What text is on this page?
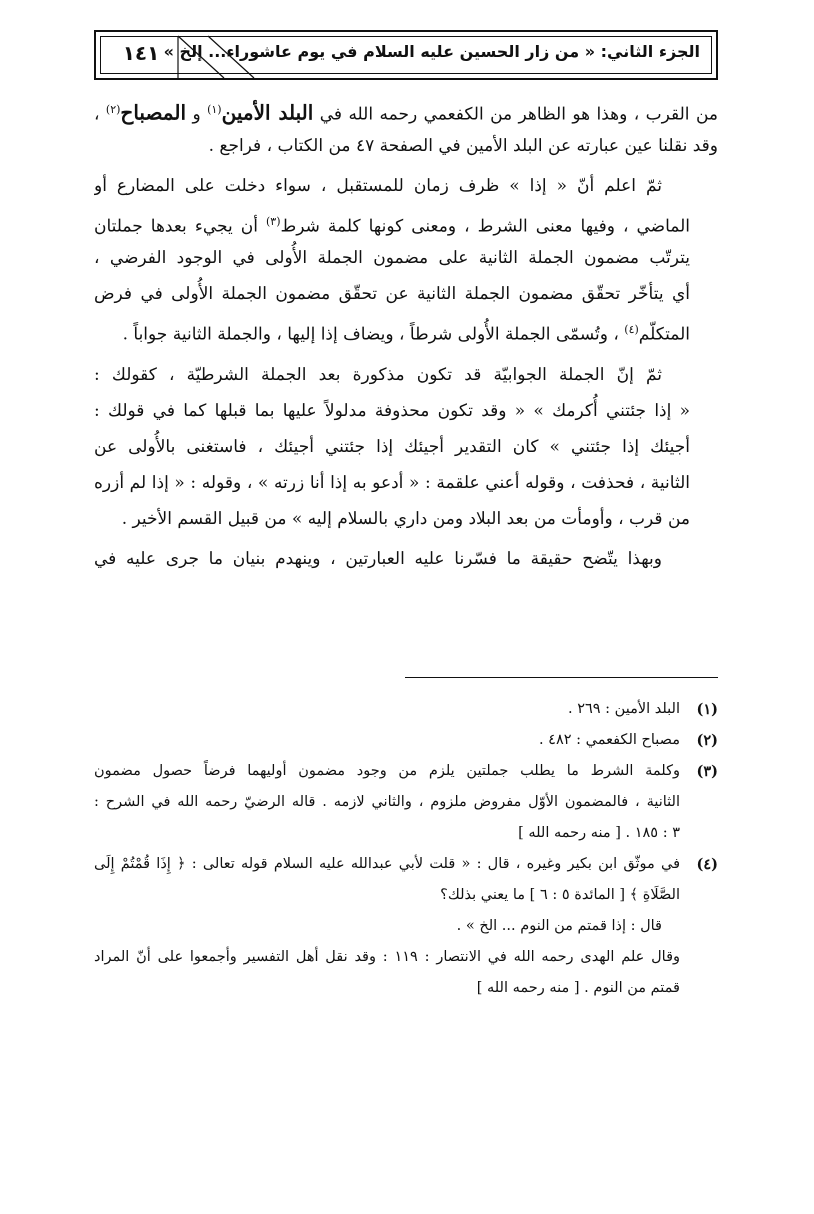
١٤١ الجزء الثاني: « من زار الحسين عليه السلام في يوم عاشوراء... إلخ »
من القرب ، وهذا هو الظاهر من الكفعمي رحمه الله في البلد الأمين$^{(١)}$ و المصباح$^{(٢)}$ ،
وقد نقلنا عين عبارته عن البلد الأمين في الصفحة ٤٧ من الكتاب ، فراجع .
ثمّ اعلم أنّ « إذا » ظرف زمان للمستقبل ، سواء دخلت على المضارع أو
الماضي ، وفيها معنى الشرط ، ومعنى كونها كلمة شرط$^{(٣)}$ أن يجيء بعدها جملتان
يترتّب مضمون الجملة الثانية على مضمون الجملة الأُولى في الوجود الفرضي ،
أي يتأخّر تحقّق مضمون الجملة الثانية عن تحقّق مضمون الجملة الأُولى في فرض
المتكلّم$^{(٤)}$ ، وتُسمّى الجملة الأُولى شرطاً ، ويضاف إذا إليها ، والجملة الثانية جواباً .
ثمّ إنّ الجملة الجوابيّة قد تكون مذكورة بعد الجملة الشرطيّة ، كقولك :
« إذا جئتني أُكرمك » « وقد تكون محذوفة مدلولاً عليها بما قبلها كما في قولك :
أجيئك إذا جئتني » كان التقدير أجيئك إذا جئتني أجيئك ، فاستغنى بالأُولى عن
الثانية ، فحذفت ، وقوله أعني علقمة : « أدعو به إذا أنا زرته » ، وقوله : « إذا لم أزره
من قرب ، وأومأت من بعد البلاد ومن داري بالسلام إليه » من قبيل القسم الأخير .
وبهذا يتّضح حقيقة ما فسّرنا عليه العبارتين ، وينهدم بنيان ما جرى عليه في
(١)
البلد الأمين : ٢٦٩ .
(٢)
مصباح الكفعمي : ٤٨٢ .
(٣)
وكلمة الشرط ما يطلب جملتين يلزم من وجود مضمون أوليهما فرضاً حصول مضمون
الثانية ، فالمضمون الأوّل مفروض ملزوم ، والثاني لازمه . قاله الرضيّ رحمه الله في الشرح :
٣ : ١٨٥ . [ منه رحمه الله ]
(٤)
في موثّق ابن بكير وغيره ، قال : « قلت لأبي عبدالله عليه السلام قوله تعالى : ﴿ إِذَا قُمْتُمْ إِلَى
الصَّلَاةِ ﴾ [ المائدة ٥ : ٦ ] ما يعني بذلك؟
قال : إذا قمتم من النوم ... الخ » .
وقال علم الهدى رحمه الله في الانتصار : ١١٩ : وقد نقل أهل التفسير وأجمعوا على أنّ المراد
قمتم من النوم . [ منه رحمه الله ]
